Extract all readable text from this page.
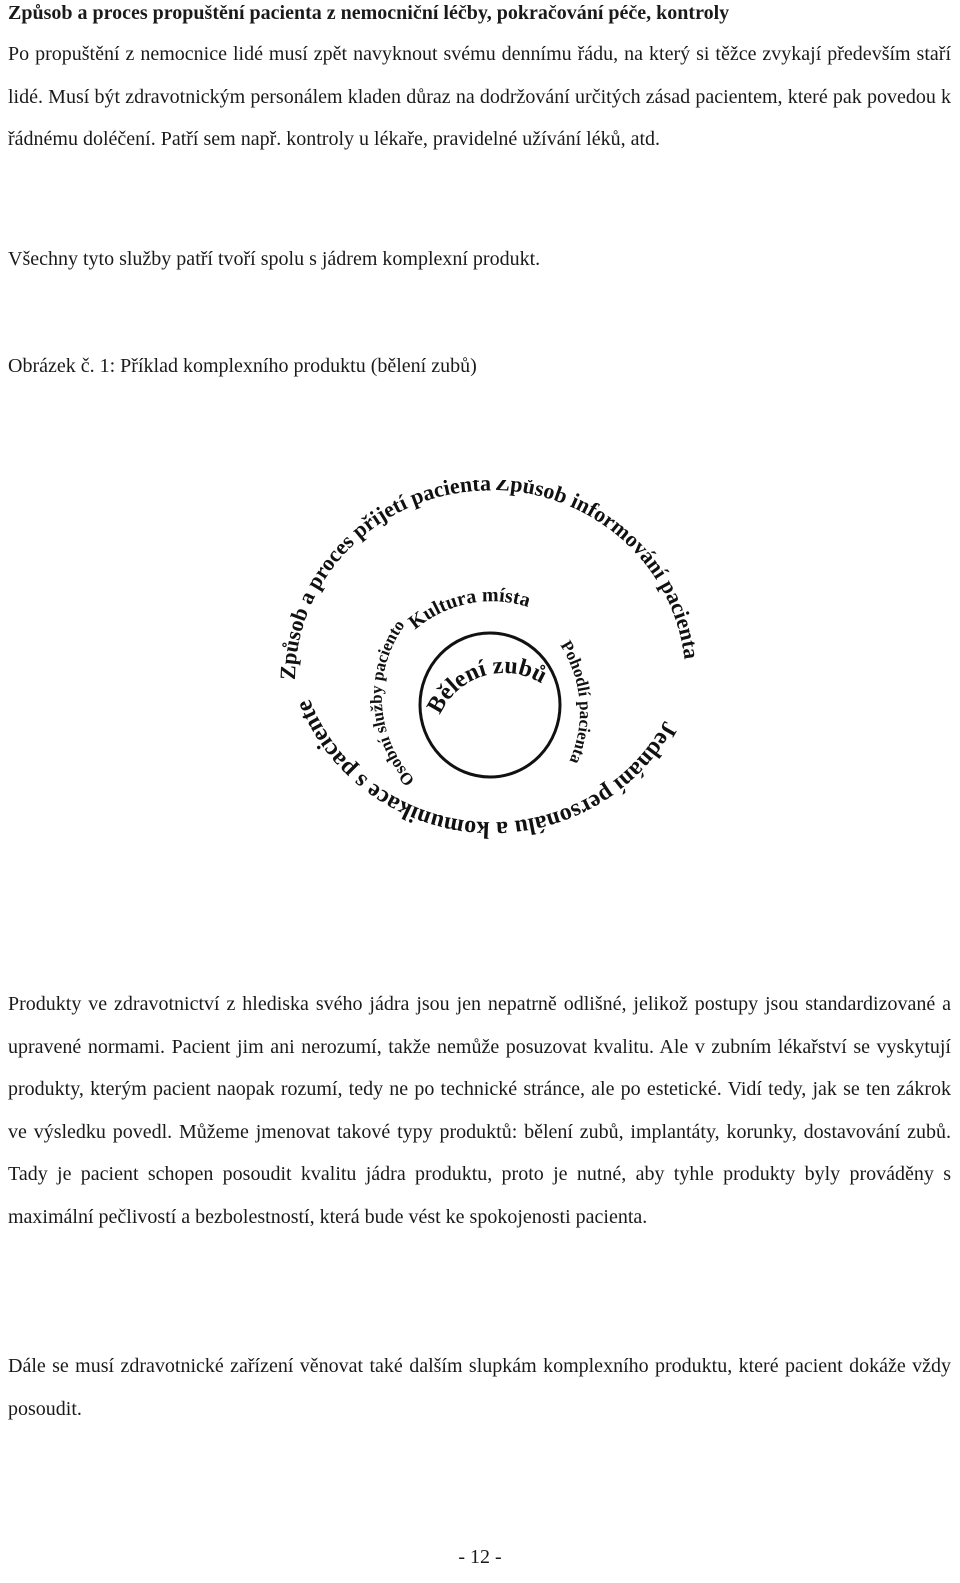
Způsob a proces propuštění pacienta z nemocniční léčby, pokračování péče, kontroly

Po propuštění z nemocnice lidé musí zpět navyknout svému dennímu řádu, na který si těžce zvykají především staří lidé. Musí být zdravotnickým personálem kladen důraz na dodržování určitých zásad pacientem, které pak povedou k řádnému doléčení. Patří sem např. kontroly u lékaře, pravidelné užívání léků, atd.

Všechny tyto služby patří tvoří spolu s jádrem komplexní produkt.

Obrázek č. 1: Příklad komplexního produktu (bělení zubů)

Způsob a proces přijetí pacienta Způsob informování pacienta
Jednání personálu a komunikace s paciente
Osobní služby paciento
Kultura místa
Pohodlí pacienta
Bělení zubů

Produkty ve zdravotnictví z hlediska svého jádra jsou jen nepatrně odlišné, jelikož postupy jsou standardizované a upravené normami. Pacient jim ani nerozumí, takže nemůže posuzovat kvalitu. Ale v zubním lékařství se vyskytují produkty, kterým pacient naopak rozumí, tedy ne po technické stránce, ale po estetické. Vidí tedy, jak se ten zákrok ve výsledku povedl. Můžeme jmenovat takové typy produktů: bělení zubů, implantáty, korunky, dostavování zubů. Tady je pacient schopen posoudit kvalitu jádra produktu, proto je nutné, aby tyhle produkty byly prováděny s maximální pečlivostí a bezbolestností, která bude vést ke spokojenosti pacienta.

Dále se musí zdravotnické zařízení věnovat také dalším slupkám komplexního produktu, které pacient dokáže vždy posoudit.

- 12 -
